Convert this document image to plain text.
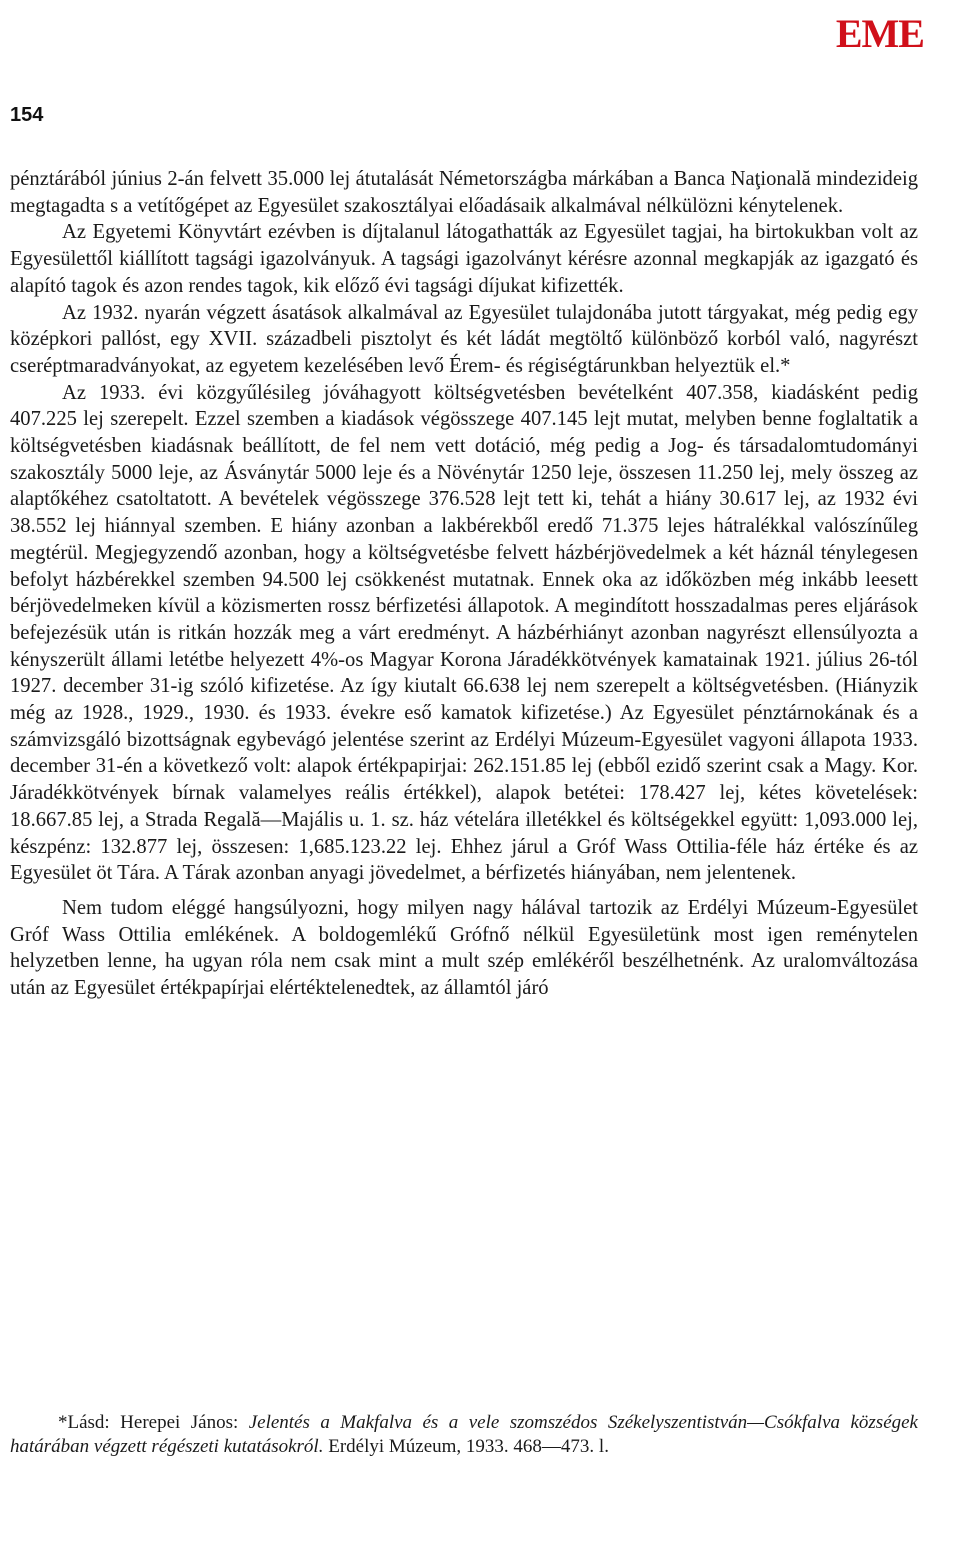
EME
154

pénztárából június 2-án felvett 35.000 lej átutalását Németországba márkában a Banca Naţională mindezideig megtagadta s a vetítőgépet az Egyesület szakosztályai előadásaik alkalmával nélkülözni kénytelenek.

Az Egyetemi Könyvtárt ezévben is díjtalanul látogathatták az Egyesület tagjai, ha birtokukban volt az Egyesülettől kiállított tagsági igazolványuk. A tagsági igazolványt kérésre azonnal megkapják az igazgató és alapító tagok és azon rendes tagok, kik előző évi tagsági díjukat kifizették.

Az 1932. nyarán végzett ásatások alkalmával az Egyesület tulajdonába jutott tárgyakat, még pedig egy középkori pallóst, egy XVII. századbeli pisztolyt és két ládát megtöltő különböző korból való, nagyrészt cseréptmaradványokat, az egyetem kezelésében levő Érem- és régiségtárunkban helyeztük el.*

Az 1933. évi közgyűlésileg jóváhagyott költségvetésben bevételként 407.358, kiadásként pedig 407.225 lej szerepelt. Ezzel szemben a kiadások végösszege 407.145 lejt mutat, melyben benne foglaltatik a költségvetésben kiadásnak beállított, de fel nem vett dotáció, még pedig a Jog- és társadalomtudományi szakosztály 5000 leje, az Ásványtár 5000 leje és a Növénytár 1250 leje, összesen 11.250 lej, mely összeg az alaptőkéhez csatoltatott. A bevételek végösszege 376.528 lejt tett ki, tehát a hiány 30.617 lej, az 1932 évi 38.552 lej hiánnyal szemben. E hiány azonban a lakbérekből eredő 71.375 lejes hátralékkal valószínűleg megtérül. Megjegyzendő azonban, hogy a költségvetésbe felvett házbérjövedelmek a két háznál ténylegesen befolyt házbérekkel szemben 94.500 lej csökkenést mutatnak. Ennek oka az időközben még inkább leesett bérjövedelmeken kívül a közismerten rossz bérfizetési állapotok. A megindított hosszadalmas peres eljárások befejezésük után is ritkán hozzák meg a várt eredményt. A házbérhiányt azonban nagyrészt ellensúlyozta a kényszerült állami letétbe helyezett 4%-os Magyar Korona Járadékkötvények kamatainak 1921. július 26-tól 1927. december 31-ig szóló kifizetése. Az így kiutalt 66.638 lej nem szerepelt a költségvetésben. (Hiányzik még az 1928., 1929., 1930. és 1933. évekre eső kamatok kifizetése.) Az Egyesület pénztárnokának és a számvizsgáló bizottságnak egybevágó jelentése szerint az Erdélyi Múzeum-Egyesület vagyoni állapota 1933. december 31-én a következő volt: alapok értékpapirjai: 262.151.85 lej (ebből ezidő szerint csak a Magy. Kor. Járadékkötvények bírnak valamelyes reális értékkel), alapok betétei: 178.427 lej, kétes követelések: 18.667.85 lej, a Strada Regală—Majális u. 1. sz. ház vételára illetékkel és költségekkel együtt: 1,093.000 lej, készpénz: 132.877 lej, összesen: 1,685.123.22 lej. Ehhez járul a Gróf Wass Ottilia-féle ház értéke és az Egyesület öt Tára. A Tárak azonban anyagi jövedelmet, a bérfizetés hiányában, nem jelentenek.

Nem tudom eléggé hangsúlyozni, hogy milyen nagy hálával tartozik az Erdélyi Múzeum-Egyesület Gróf Wass Ottilia emlékének. A boldogemlékű Grófnő nélkül Egyesületünk most igen reménytelen helyzetben lenne, ha ugyan róla nem csak mint a mult szép emlékéről beszélhetnénk. Az uralomváltozása után az Egyesület értékpapírjai elértéktelenedtek, az államtól járó

*Lásd: Herepei János: Jelentés a Makfalva és a vele szomszédos Székelyszentistván—Csókfalva községek határában végzett régészeti kutatásokról. Erdélyi Múzeum, 1933. 468—473. l.
